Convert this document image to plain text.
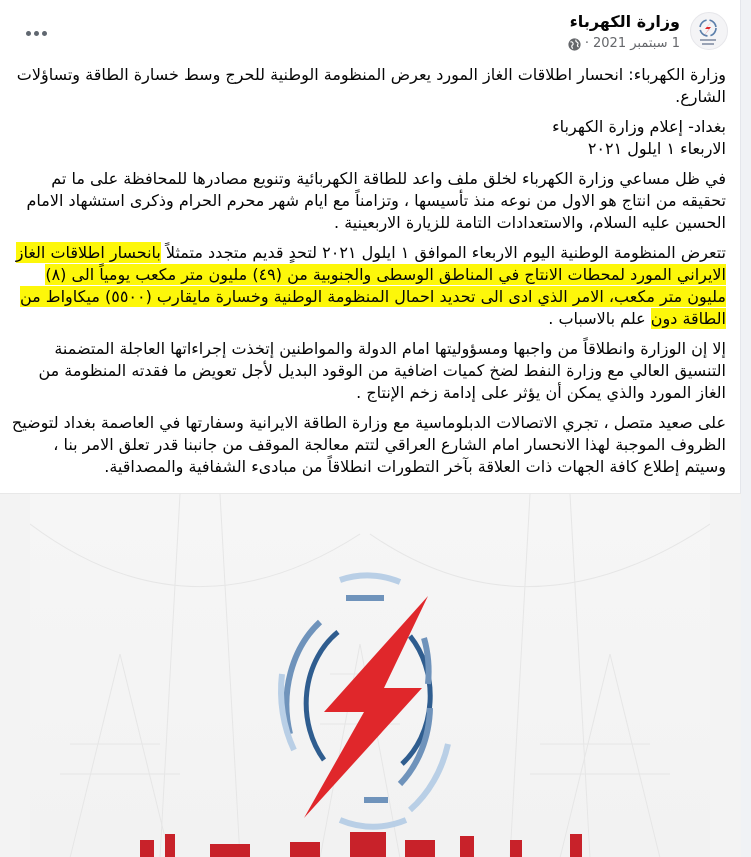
وزارة الكهرباء
1 سبتمبر 2021
·

وزارة الكهرباء: انحسار اطلاقات الغاز المورد يعرض المنظومة الوطنية للحرج وسط خسارة الطاقة وتساؤلات الشارع.

بغداد- إعلام وزارة الكهرباء

الاربعاء ١ ايلول ٢٠٢١

في ظل مساعي وزارة الكهرباء لخلق ملف واعد للطاقة الكهربائية وتنويع مصادرها للمحافظة على ما تم تحقيقه من انتاج هو الاول من نوعه منذ تأسيسها ، وتزامناً مع ايام شهر محرم الحرام وذكرى استشهاد الامام الحسين عليه السلام، والاستعدادات التامة للزيارة الاربعينية .

تتعرض المنظومة الوطنية اليوم الاربعاء الموافق ١ ايلول ٢٠٢١ لتحدٍ قديم متجدد متمثلاً بانحسار اطلاقات الغاز الايراني المورد لمحطات الانتاج في المناطق الوسطى والجنوبية من (٤٩) مليون متر مكعب يومياً الى (٨) مليون متر مكعب، الامر الذي ادى الى تحديد احمال المنظومة الوطنية وخسارة مايقارب (٥٥٠٠) ميكاواط من الطاقة دون علم بالاسباب .

إلا إن الوزارة وانطلاقاً من واجبها ومسؤوليتها امام الدولة والمواطنين إتخذت إجراءاتها العاجلة المتضمنة التنسيق العالي مع وزارة النفط لضخ كميات اضافية من الوقود البديل لأجل تعويض ما فقدته المنظومة من الغاز المورد والذي يمكن أن يؤثر على إدامة زخم الإنتاج .

على صعيد متصل ، تجري الاتصالات الدبلوماسية مع وزارة الطاقة الايرانية وسفارتها في العاصمة بغداد لتوضيح الظروف الموجبة لهذا الانحسار امام الشارع العراقي لتتم معالجة الموقف من جانبنا قدر تعلق الامر بنا ، وسيتم إطلاع كافة الجهات ذات العلاقة بآخر التطورات انطلاقاً من مبادىء الشفافية والمصداقية.
